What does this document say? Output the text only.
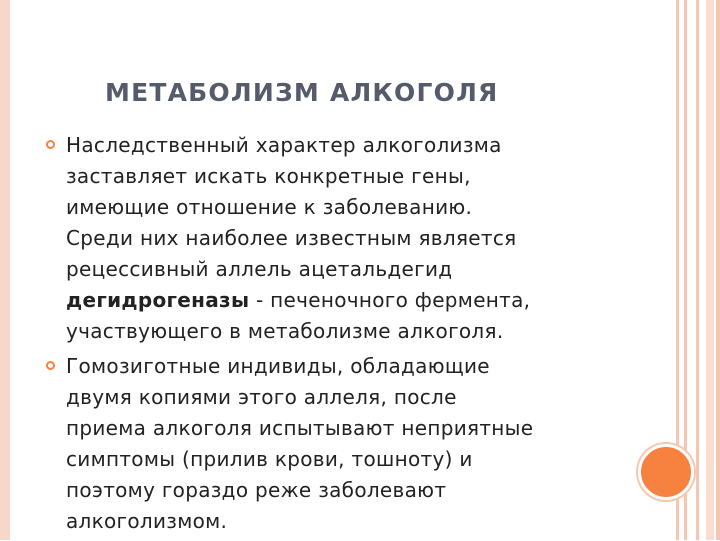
МЕТАБОЛИЗМ АЛКОГОЛЯ
Наследственный характер алкоголизма
заставляет искать конкретные гены,
имеющие отношение к заболеванию.
Среди них наиболее известным является
рецессивный аллель ацетальдегид
дегидрогеназы - печеночного фермента,
участвующего в метаболизме алкоголя.
Гомозиготные индивиды, обладающие
двумя копиями этого аллеля, после
приема алкоголя испытывают неприятные
симптомы (прилив крови, тошноту) и
поэтому гораздо реже заболевают
алкоголизмом.
